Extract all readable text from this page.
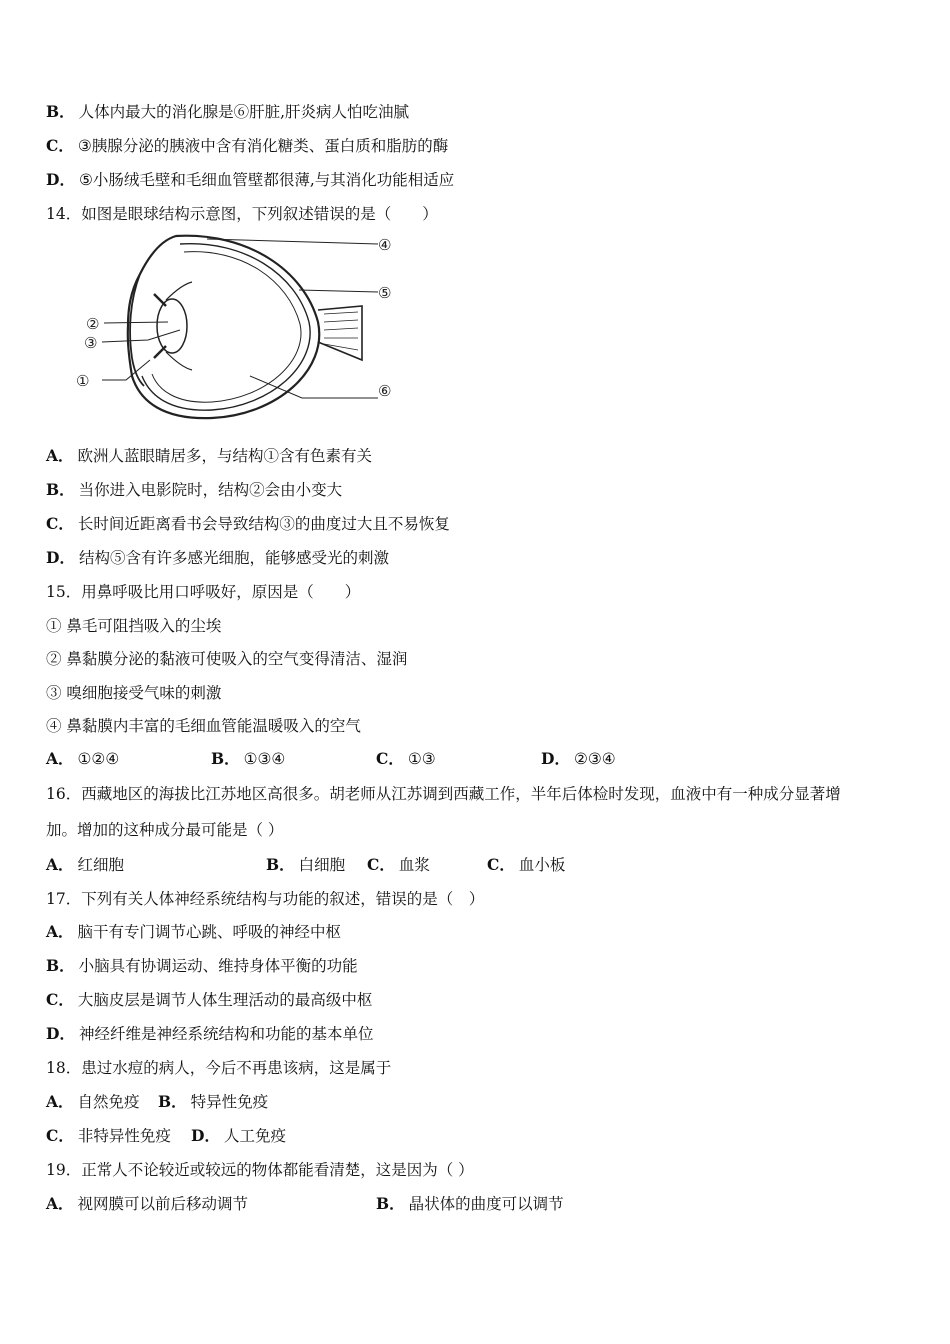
B． 人体内最大的消化腺是⑥肝脏,肝炎病人怕吃油腻
C． ③胰腺分泌的胰液中含有消化糖类、蛋白质和脂肪的酶
D． ⑤小肠绒毛壁和毛细血管壁都很薄,与其消化功能相适应
14．如图是眼球结构示意图，下列叙述错误的是（　　）
④
⑤
②
③
①
⑥
A． 欧洲人蓝眼睛居多，与结构①含有色素有关
B． 当你进入电影院时，结构②会由小变大
C． 长时间近距离看书会导致结构③的曲度过大且不易恢复
D． 结构⑤含有许多感光细胞，能够感受光的刺激
15．用鼻呼吸比用口呼吸好，原因是（　　）
① 鼻毛可阻挡吸入的尘埃
② 鼻黏膜分泌的黏液可使吸入的空气变得清洁、湿润
③ 嗅细胞接受气味的刺激
④ 鼻黏膜内丰富的毛细血管能温暖吸入的空气
A． ①②④	B． ①③④	C． ①③	D． ②③④
16．西藏地区的海拔比江苏地区高很多。胡老师从江苏调到西藏工作，半年后体检时发现，血液中有一种成分显著增
加。增加的这种成分最可能是（ ）
A． 红细胞	B． 白细胞 C． 血浆	C． 血小板
17．下列有关人体神经系统结构与功能的叙述，错误的是（　）
A． 脑干有专门调节心跳、呼吸的神经中枢
B． 小脑具有协调运动、维持身体平衡的功能
C． 大脑皮层是调节人体生理活动的最高级中枢
D． 神经纤维是神经系统结构和功能的基本单位
18．患过水痘的病人，今后不再患该病，这是属于
A． 自然免疫 B． 特异性免疫
C． 非特异性免疫 D． 人工免疫
19．正常人不论较近或较远的物体都能看清楚，这是因为（ ）
A． 视网膜可以前后移动调节	B． 晶状体的曲度可以调节
